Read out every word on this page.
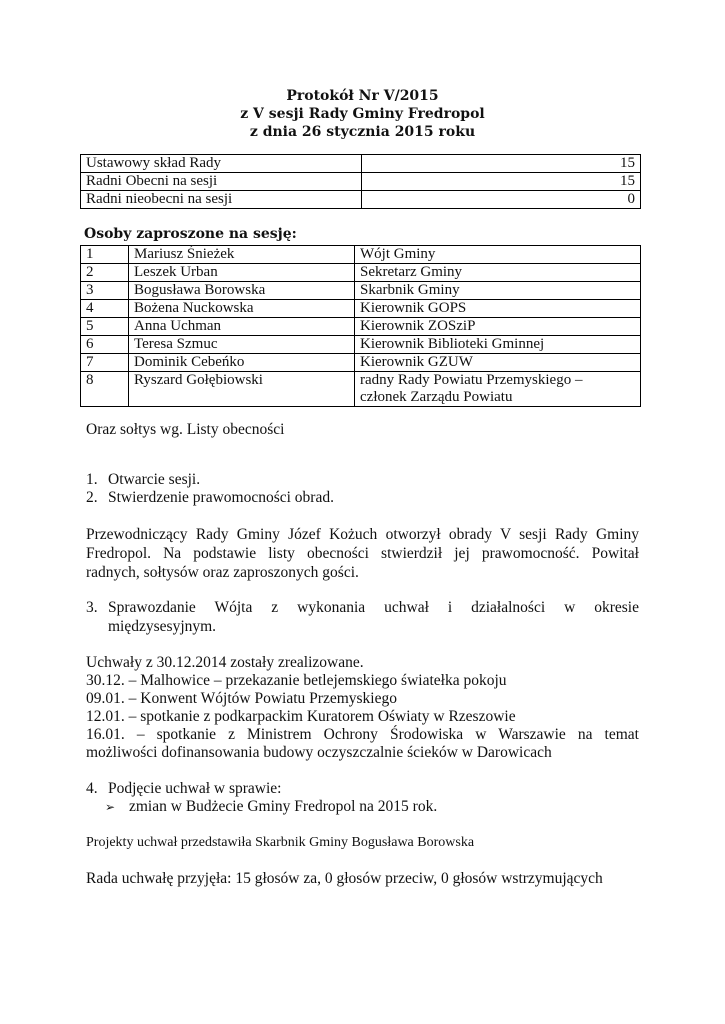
Protokół Nr V/2015
z V sesji Rady Gminy Fredropol
z dnia 26 stycznia 2015 roku
Ustawowy skład Rady	15
Radni Obecni na sesji	15
Radni nieobecni na sesji	0
Osoby zaproszone na sesję:
1	Mariusz Śnieżek	Wójt Gminy
2	Leszek Urban	Sekretarz Gminy
3	Bogusława Borowska	Skarbnik Gminy
4	Bożena Nuckowska	Kierownik GOPS
5	Anna Uchman	Kierownik ZOSziP
6	Teresa Szmuc	Kierownik Biblioteki Gminnej
7	Dominik Cebeńko	Kierownik GZUW
8	Ryszard Gołębiowski	radny Rady Powiatu Przemyskiego –
członek Zarządu Powiatu
Oraz sołtys wg. Listy obecności
1. Otwarcie sesji.
2. Stwierdzenie prawomocności obrad.
Przewodniczący Rady Gminy Józef Kożuch otworzył obrady V sesji Rady Gminy
Fredropol. Na podstawie listy obecności stwierdził jej prawomocność. Powitał
radnych, sołtysów oraz zaproszonych gości.
3. Sprawozdanie Wójta z wykonania uchwał i działalności w okresie
międzysesyjnym.
Uchwały z 30.12.2014 zostały zrealizowane.
30.12. – Malhowice – przekazanie betlejemskiego światełka pokoju
09.01. – Konwent Wójtów Powiatu Przemyskiego
12.01. – spotkanie z podkarpackim Kuratorem Oświaty w Rzeszowie
16.01. – spotkanie z Ministrem Ochrony Środowiska w Warszawie na temat
możliwości dofinansowania budowy oczyszczalnie ścieków w Darowicach
4. Podjęcie uchwał w sprawie:
➢ zmian w Budżecie Gminy Fredropol na 2015 rok.
Projekty uchwał przedstawiła Skarbnik Gminy Bogusława Borowska
Rada uchwałę przyjęła: 15 głosów za, 0 głosów przeciw, 0 głosów wstrzymujących
